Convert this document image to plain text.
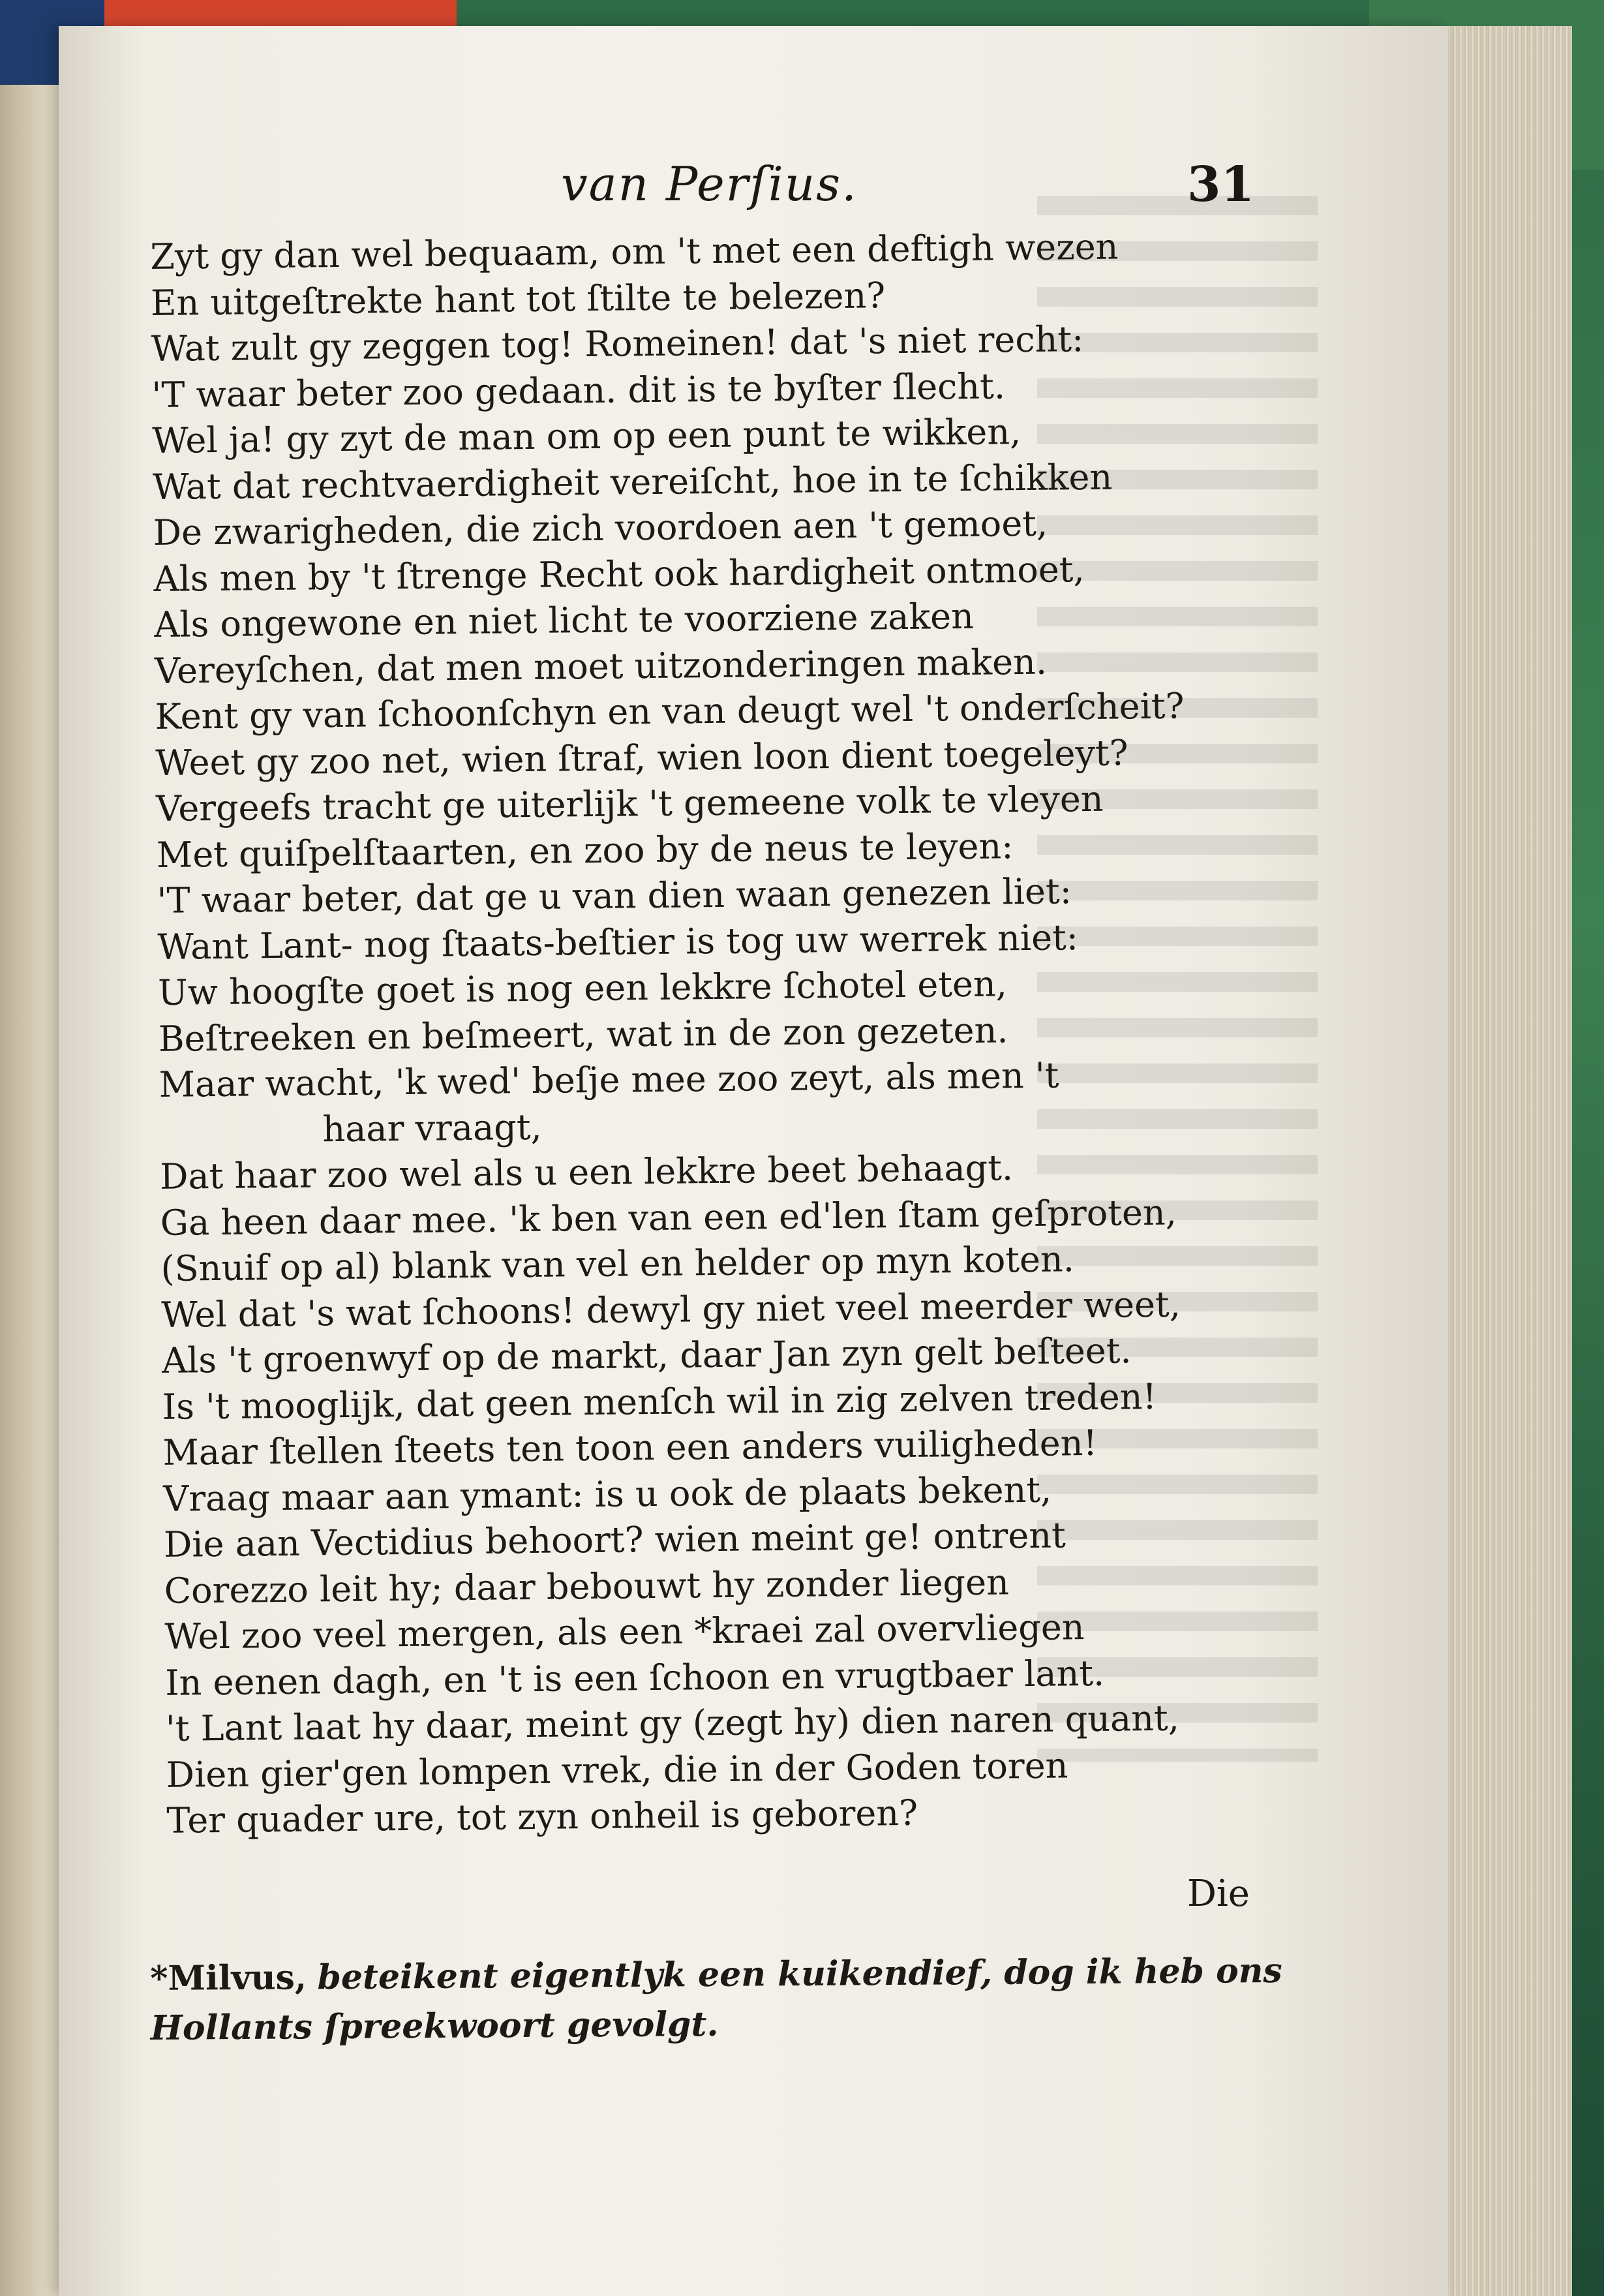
van Perſius.	31
Zyt gy dan wel bequaam, om 't met een deftigh wezen
En uitgeſtrekte hant tot ſtilte te belezen?
Wat zult gy zeggen tog! Romeinen! dat 's niet recht:
'T waar beter zoo gedaan. dit is te byſter ſlecht.
Wel ja! gy zyt de man om op een punt te wikken,
Wat dat rechtvaerdigheit vereiſcht, hoe in te ſchikken
De zwarigheden, die zich voordoen aen 't gemoet,
Als men by 't ſtrenge Recht ook hardigheit ontmoet,
Als ongewone en niet licht te voorziene zaken
Vereyſchen, dat men moet uitzonderingen maken.
Kent gy van ſchoonſchyn en van deugt wel 't onderſcheit?
Weet gy zoo net, wien ſtraf, wien loon dient toegeleyt?
Vergeefs tracht ge uiterlijk 't gemeene volk te vleyen
Met quiſpelſtaarten, en zoo by de neus te leyen:
'T waar beter, dat ge u van dien waan genezen liet:
Want Lant- nog ſtaats-beſtier is tog uw werrek niet:
Uw hoogſte goet is nog een lekkre ſchotel eten,
Beſtreeken en beſmeert, wat in de zon gezeten.
Maar wacht, 'k wed' beſje mee zoo zeyt, als men 't
haar vraagt,
Dat haar zoo wel als u een lekkre beet behaagt.
Ga heen daar mee. 'k ben van een ed'len ſtam geſproten,
(Snuif op al) blank van vel en helder op myn koten.
Wel dat 's wat ſchoons! dewyl gy niet veel meerder weet,
Als 't groenwyf op de markt, daar Jan zyn gelt beſteet.
Is 't mooglijk, dat geen menſch wil in zig zelven treden!
Maar ſtellen ſteets ten toon een anders vuiligheden!
Vraag maar aan ymant: is u ook de plaats bekent,
Die aan Vectidius behoort? wien meint ge! ontrent
Corezzo leit hy; daar bebouwt hy zonder liegen
Wel zoo veel mergen, als een *kraei zal overvliegen
In eenen dagh, en 't is een ſchoon en vrugtbaer lant.
't Lant laat hy daar, meint gy (zegt hy) dien naren quant,
Dien gier'gen lompen vrek, die in der Goden toren
Ter quader ure, tot zyn onheil is geboren?
Die
*Milvus, beteikent eigentlyk een kuikendief, dog ik heb ons
Hollants ſpreekwoort gevolgt.
